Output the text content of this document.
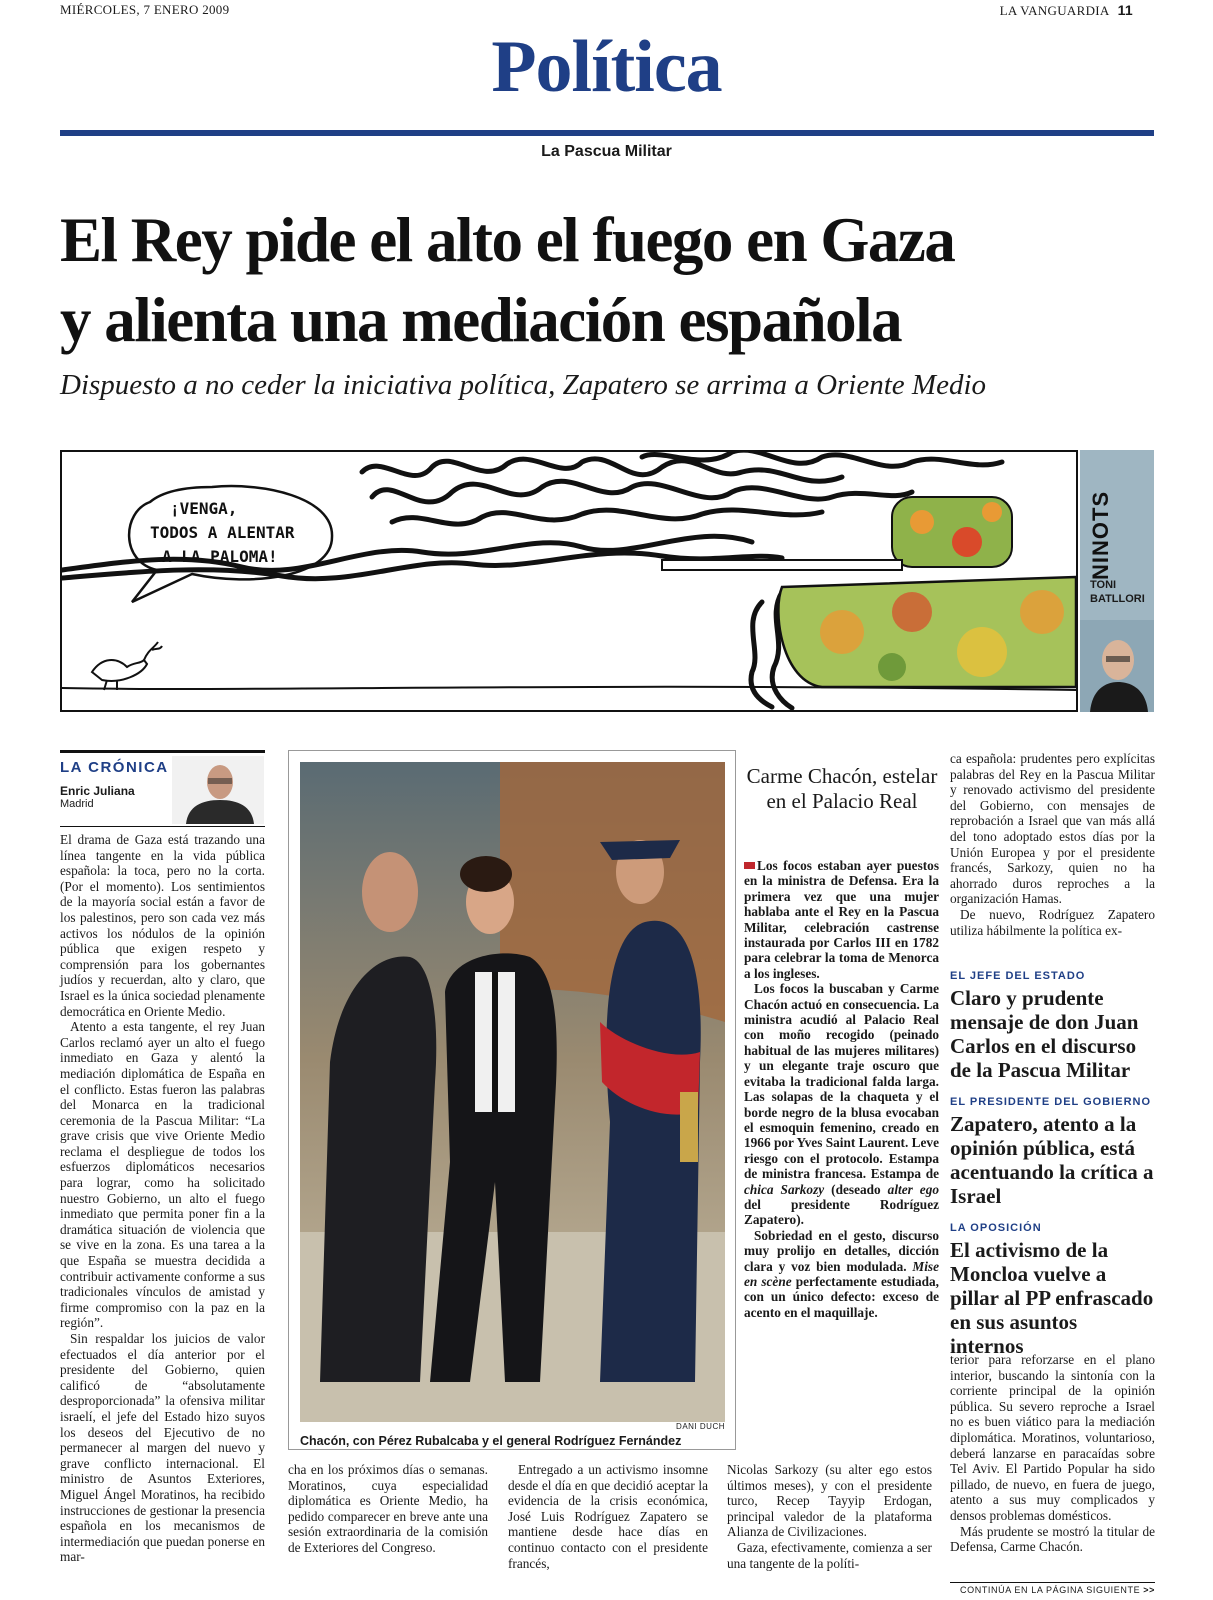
MIÉRCOLES, 7 ENERO 2009	LA VANGUARDIA 11
Política
La Pascua Militar
El Rey pide el alto el fuego en Gaza
y alienta una mediación española
Dispuesto a no ceder la iniciativa política, Zapatero se arrima a Oriente Medio
¡VENGA,
TODOS A ALENTAR
A LA PALOMA!	NINOTS
TONI
BATLLORI
LA CRÓNICA
Enric Juliana
Madrid

El drama de Gaza está trazando una línea tangente en la vida pública española: la toca, pero no la corta. (Por el momento). Los sentimientos de la mayoría social están a favor de los palestinos, pero son cada vez más activos los nódulos de la opinión pública que exigen respeto y comprensión para los gobernantes judíos y recuerdan, alto y claro, que Israel es la única sociedad plenamente democrática en Oriente Medio.

Atento a esta tangente, el rey Juan Carlos reclamó ayer un alto el fuego inmediato en Gaza y alentó la mediación diplomática de España en el conflicto. Estas fueron las palabras del Monarca en la tradicional ceremonia de la Pascua Militar: “La grave crisis que vive Oriente Medio reclama el despliegue de todos los esfuerzos diplomáticos necesarios para lograr, como ha solicitado nuestro Gobierno, un alto el fuego inmediato que permita poner fin a la dramática situación de violencia que se vive en la zona. Es una tarea a la que España se muestra decidida a contribuir activamente conforme a sus tradicionales vínculos de amistad y firme compromiso con la paz en la región”.

Sin respaldar los juicios de valor efectuados el día anterior por el presidente del Gobierno, quien calificó de “absolutamente desproporcionada” la ofensiva militar israelí, el jefe del Estado hizo suyos los deseos del Ejecutivo de no permanecer al margen del nuevo y grave conflicto internacional. El ministro de Asuntos Exteriores, Miguel Ángel Moratinos, ha recibido instrucciones de gestionar la presencia española en los mecanismos de intermediación que puedan ponerse en mar-

DANI DUCH
Chacón, con Pérez Rubalcaba y el general Rodríguez Fernández
Carme Chacón, estelar en el Palacio Real

Los focos estaban ayer puestos en la ministra de Defensa. Era la primera vez que una mujer hablaba ante el Rey en la Pascua Militar, celebración castrense instaurada por Carlos III en 1782 para celebrar la toma de Menorca a los ingleses.

Los focos la buscaban y Carme Chacón actuó en consecuencia. La ministra acudió al Palacio Real con moño recogido (peinado habitual de las mujeres militares) y un elegante traje oscuro que evitaba la tradicional falda larga. Las solapas de la chaqueta y el borde negro de la blusa evocaban el esmoquin femenino, creado en 1966 por Yves Saint Laurent. Leve riesgo con el protocolo. Estampa de ministra francesa. Estampa de chica Sarkozy (deseado alter ego del presidente Rodríguez Zapatero).

Sobriedad en el gesto, discurso muy prolijo en detalles, dicción clara y voz bien modulada. Mise en scène perfectamente estudiada, con un único defecto: exceso de acento en el maquillaje.

cha en los próximos días o semanas. Moratinos, cuya especialidad diplomática es Oriente Medio, ha pedido comparecer en breve ante una sesión extraordinaria de la comisión de Exteriores del Congreso.

Entregado a un activismo insomne desde el día en que decidió aceptar la evidencia de la crisis económica, José Luis Rodríguez Zapatero se mantiene desde hace días en continuo contacto con el presidente francés,

Nicolas Sarkozy (su alter ego estos últimos meses), y con el presidente turco, Recep Tayyip Erdogan, principal valedor de la plataforma Alianza de Civilizaciones.

Gaza, efectivamente, comienza a ser una tangente de la políti-

ca española: prudentes pero explícitas palabras del Rey en la Pascua Militar y renovado activismo del presidente del Gobierno, con mensajes de reprobación a Israel que van más allá del tono adoptado estos días por la Unión Europea y por el presidente francés, Sarkozy, quien no ha ahorrado duros reproches a la organización Hamas.

De nuevo, Rodríguez Zapatero utiliza hábilmente la política ex-

EL JEFE DEL ESTADO
Claro y prudente mensaje de don Juan Carlos en el discurso de la Pascua Militar
EL PRESIDENTE DEL GOBIERNO
Zapatero, atento a la opinión pública, está acentuando la crítica a Israel
LA OPOSICIÓN
El activismo de la Moncloa vuelve a pillar al PP enfrascado en sus asuntos internos

terior para reforzarse en el plano interior, buscando la sintonía con la corriente principal de la opinión pública. Su severo reproche a Israel no es buen viático para la mediación diplomática. Moratinos, voluntarioso, deberá lanzarse en paracaídas sobre Tel Aviv. El Partido Popular ha sido pillado, de nuevo, en fuera de juego, atento a sus muy complicados y densos problemas domésticos.

Más prudente se mostró la titular de Defensa, Carme Chacón.

CONTINÚA EN LA PÁGINA SIGUIENTE >>
